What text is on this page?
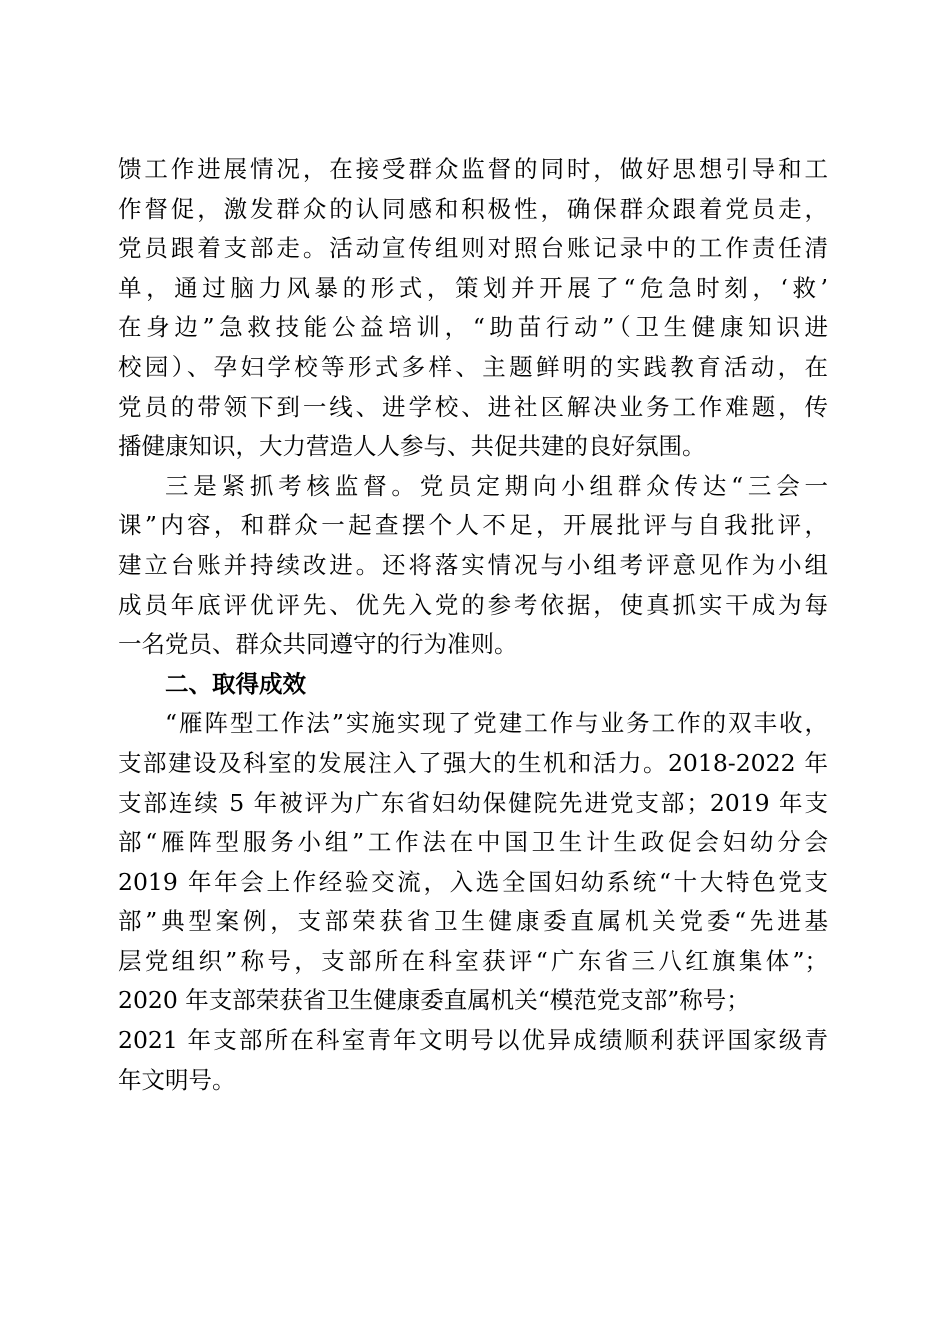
馈工作进展情况，在接受群众监督的同时，做好思想引导和工
作督促，激发群众的认同感和积极性，确保群众跟着党员走，
党员跟着支部走。活动宣传组则对照台账记录中的工作责任清
单，通过脑力风暴的形式，策划并开展了“危急时刻，‘救’
在身边”急救技能公益培训，“助苗行动”（卫生健康知识进
校园）、孕妇学校等形式多样、主题鲜明的实践教育活动，在
党员的带领下到一线、进学校、进社区解决业务工作难题，传
播健康知识，大力营造人人参与、共促共建的良好氛围。
三是紧抓考核监督。党员定期向小组群众传达“三会一
课”内容，和群众一起查摆个人不足，开展批评与自我批评，
建立台账并持续改进。还将落实情况与小组考评意见作为小组
成员年底评优评先、优先入党的参考依据，使真抓实干成为每
一名党员、群众共同遵守的行为准则。
二、取得成效
“雁阵型工作法”实施实现了党建工作与业务工作的双丰收，
支部建设及科室的发展注入了强大的生机和活力。2018-2022 年
支部连续 5 年被评为广东省妇幼保健院先进党支部；2019 年支
部“雁阵型服务小组”工作法在中国卫生计生政促会妇幼分会
2019 年年会上作经验交流，入选全国妇幼系统“十大特色党支
部”典型案例，支部荣获省卫生健康委直属机关党委“先进基
层党组织”称号，支部所在科室获评“广东省三八红旗集体”；
2020 年支部荣获省卫生健康委直属机关“模范党支部”称号；
2021 年支部所在科室青年文明号以优异成绩顺利获评国家级青
年文明号。
